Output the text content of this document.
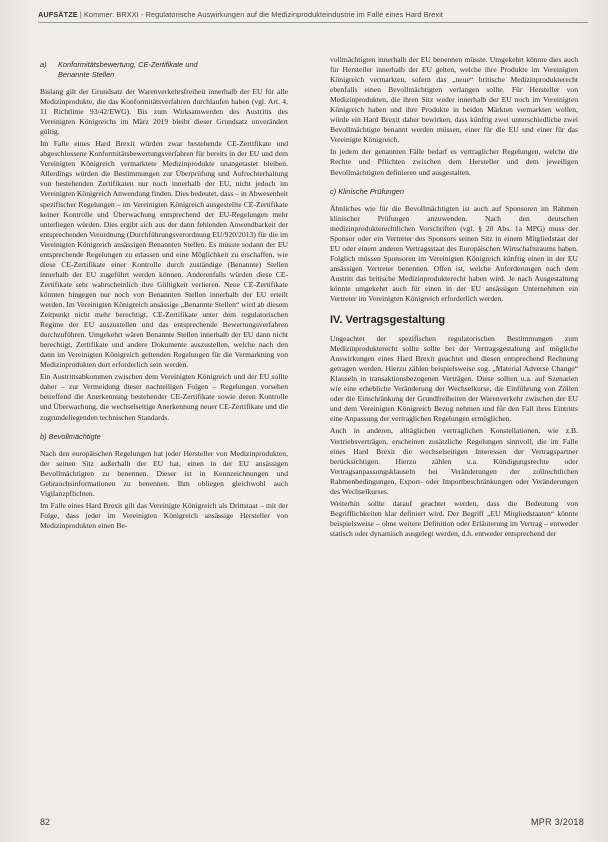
AUFSÄTZE | Kommer: BRXXI - Regulatorische Auswirkungen auf die Medizinprodukteindustrie im Falle eines Hard Brexit
a) Konformitätsbewertung, CE-Zertifikate und
Benannte Stellen

Bislang gilt der Grundsatz der Warenverkehrsfreiheit innerhalb der EU für alle Medizinprodukte, die das Konformitätsverfahren durchlaufen haben (vgl. Art. 4, 11 Richtlinie 93/42/EWG). Bis zum Wirksamwerden des Austritts des Vereinigten Königreichs im März 2019 bleibt dieser Grundsatz unverändert gültig.

Im Falle eines Hard Brexit würden zwar bestehende CE-Zertifikate und abgeschlossene Konformitätsbewertungsverfahren für bereits in der EU und dem Vereinigten Königreich vermarktete Medizinprodukte unangetastet bleiben. Allerdings würden die Bestimmungen zur Überprüfung und Aufrechterhaltung von bestehenden Zertifikaten nur noch innerhalb der EU, nicht jedoch im Vereinigten Königreich Anwendung finden. Dies bedeutet, dass – in Abwesenheit spezifischer Regelungen – im Vereinigten Königreich ausgestellte CE-Zertifikate keiner Kontrolle und Überwachung entsprechend der EU-Regelungen mehr unterliegen würden. Dies ergibt sich aus der dann fehlenden Anwendbarkeit der entsprechenden Verordnung (Durchführungsverordnung EU/920/2013) für die im Vereinigten Königreich ansässigen Benannten Stellen. Es müsste sodann der EU entsprechende Regelungen zu erlassen und eine Möglichkeit zu erschaffen, wie diese CE-Zertifikate einer Kontrolle durch zuständige (Benannte) Stellen innerhalb der EU zugeführt werden können. Anderenfalls würden diese CE-Zertifikate sehr wahrscheinlich ihre Gültigkeit verlieren. Neue CE-Zertifikate könnten hingegen nur noch von Benannten Stellen innerhalb der EU erteilt werden. Im Vereinigten Königreich ansässige „Benannte Stellen“ wird ab diesem Zeitpunkt nicht mehr berechtigt, CE-Zertifikate unter dem regulatorischen Regime der EU auszustellen und das entsprechende Bewertungsverfahren durchzuführen. Umgekehrt wären Benannte Stellen innerhalb der EU dann nicht berechtigt, Zertifikate und andere Dokumente auszustellen, welche nach den dann im Vereinigten Königreich geltenden Regelungen für die Vermarktung von Medizinprodukten dort erforderlich sein werden.

Ein Austrittsabkommen zwischen dem Vereinigten Königreich und der EU sollte daher – zur Vermeidung dieser nachteiligen Folgen – Regelungen vorsehen betreffend die Anerkennung bestehender CE-Zertifikate sowie deren Kontrolle und Überwachung, die wechselseitige Anerkennung neuer CE-Zertifikate und die zugrundeliegenden technischen Standards.

b) Bevollmächtigte

Nach den europäischen Regelungen hat jeder Hersteller von Medizinprodukten, der seinen Sitz außerhalb der EU hat, einen in der EU ansässigen Bevollmächtigten zu benennen. Dieser ist in Kennzeichnungen und Gebrauchsinformationen zu benennen. Ihm obliegen gleichwohl auch Vigilanzpflichten.

Im Falle eines Hard Brexit gilt das Vereinigte Königreich als Drittstaat – mit der Folge, dass jeder im Vereinigten Königreich ansässige Hersteller von Medizinprodukten einen Be-

vollmächtigten innerhalb der EU benennen müsste. Umgekehrt könnte dies auch für Hersteller innerhalb der EU gelten, welche ihre Produkte im Vereinigten Königreich vermarkten, sofern das „neue“ britische Medizinprodukterecht ebenfalls einen Bevollmächtigten verlangen sollte. Für Hersteller von Medizinprodukten, die ihren Sitz weder innerhalb der EU noch im Vereinigten Königreich haben und ihre Produkte in beiden Märkten vermarkten wollen, würde ein Hard Brexit daher bewirken, dass künftig zwei unterschiedliche zwei Bevollmächtigte benannt werden müssen, einer für die EU und einer für das Vereinigte Königreich.

In jedem der genannten Fälle bedarf es vertraglicher Regelungen, welche die Rechte und Pflichten zwischen dem Hersteller und dem jeweiligen Bevollmächtigten definieren und ausgestalten.

c) Klinische Prüfungen

Ähnliches wie für die Bevollmächtigten ist auch auf Sponsoren im Rahmen klinischer Prüfungen anzuwenden. Nach den deutschen medizinprodukterechtlichen Vorschriften (vgl. § 20 Abs. 1a MPG) muss der Sponsor oder ein Vertreter des Sponsors seinen Sitz in einem Mitgliedstaat der EU oder einem anderen Vertragsstaat des Europäischen Wirtschaftsraums haben. Folglich müssen Sponsoren im Vereinigten Königreich künftig einen in der EU ansässigen Vertreter benennen. Offen ist, welche Anforderungen nach dem Austritt das britische Medizinprodukterecht haben wird. Je nach Ausgestaltung könnte umgekehrt auch für einen in der EU ansässigen Unternehmen ein Vertreter im Vereinigten Königreich erforderlich werden.

IV. Vertragsgestaltung

Ungeachtet der spezifischen regulatorischen Bestimmungen zum Medizinprodukterecht sollte sollte bei der Vertragsgestaltung auf mögliche Auswirkungen eines Hard Brexit geachtet und diesen entsprechend Rechnung getragen werden. Hierzu zählen beispielsweise sog. „Material Adverse Change“ Klauseln in transaktionsbezogenen Verträgen. Diese sollten u.a. auf Szenarien wie eine erhebliche Veränderung der Wechselkurse, die Einführung von Zöllen oder die Einschränkung der Grundfreiheiten der Warenverkehr zwischen der EU und dem Vereinigten Königreich Bezug nehmen und für den Fall ihres Eintritts eine Anpassung der vertraglichen Regelungen ermöglichen.

Auch in anderen, alltäglichen vertraglichen Konstellationen, wie z.B. Vertriebsverträgen, erscheinen zusätzliche Regelungen sinnvoll, die im Falle eines Hard Brexit die wechselseitigen Interessen der Vertragspartner berücksichtigen. Hierzu zählen u.a. Kündigungsrechte oder Vertragsanpassungsklauseln bei Veränderungen der zollrechtlichen Rahmenbedingungen, Export- oder Importbeschränkungen oder Veränderungen des Wechselkurses.

Weiterhin sollte darauf geachtet werden, dass die Bedeutung von Begrifflichkeiten klar definiert wird. Der Begriff „EU Mitgliedstaaten“ könnte beispielsweise – ohne weitere Definition oder Erläuterung im Vertrag – entweder statisch oder dynamisch ausgelegt werden, d.h. entweder entsprechend der

82	MPR 3/2018
